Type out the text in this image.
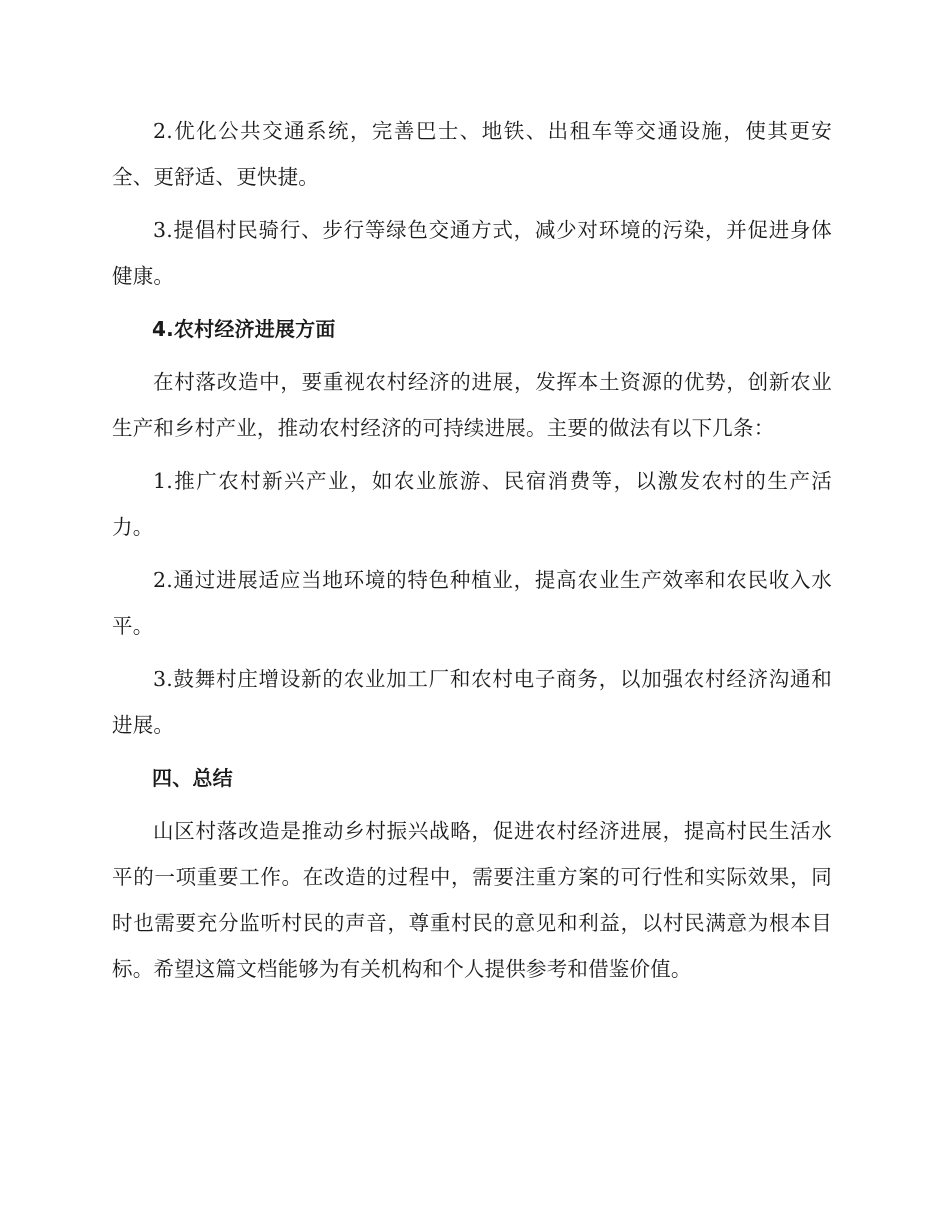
2.优化公共交通系统，完善巴士、地铁、出租车等交通设施，使其更安全、更舒适、更快捷。

3.提倡村民骑行、步行等绿色交通方式，减少对环境的污染，并促进身体健康。

4.农村经济进展方面

在村落改造中，要重视农村经济的进展，发挥本土资源的优势，创新农业生产和乡村产业，推动农村经济的可持续进展。主要的做法有以下几条：

1.推广农村新兴产业，如农业旅游、民宿消费等，以激发农村的生产活力。

2.通过进展适应当地环境的特色种植业，提高农业生产效率和农民收入水平。

3.鼓舞村庄增设新的农业加工厂和农村电子商务，以加强农村经济沟通和进展。

四、总结

山区村落改造是推动乡村振兴战略，促进农村经济进展，提高村民生活水平的一项重要工作。在改造的过程中，需要注重方案的可行性和实际效果，同时也需要充分监听村民的声音，尊重村民的意见和利益，以村民满意为根本目标。希望这篇文档能够为有关机构和个人提供参考和借鉴价值。
